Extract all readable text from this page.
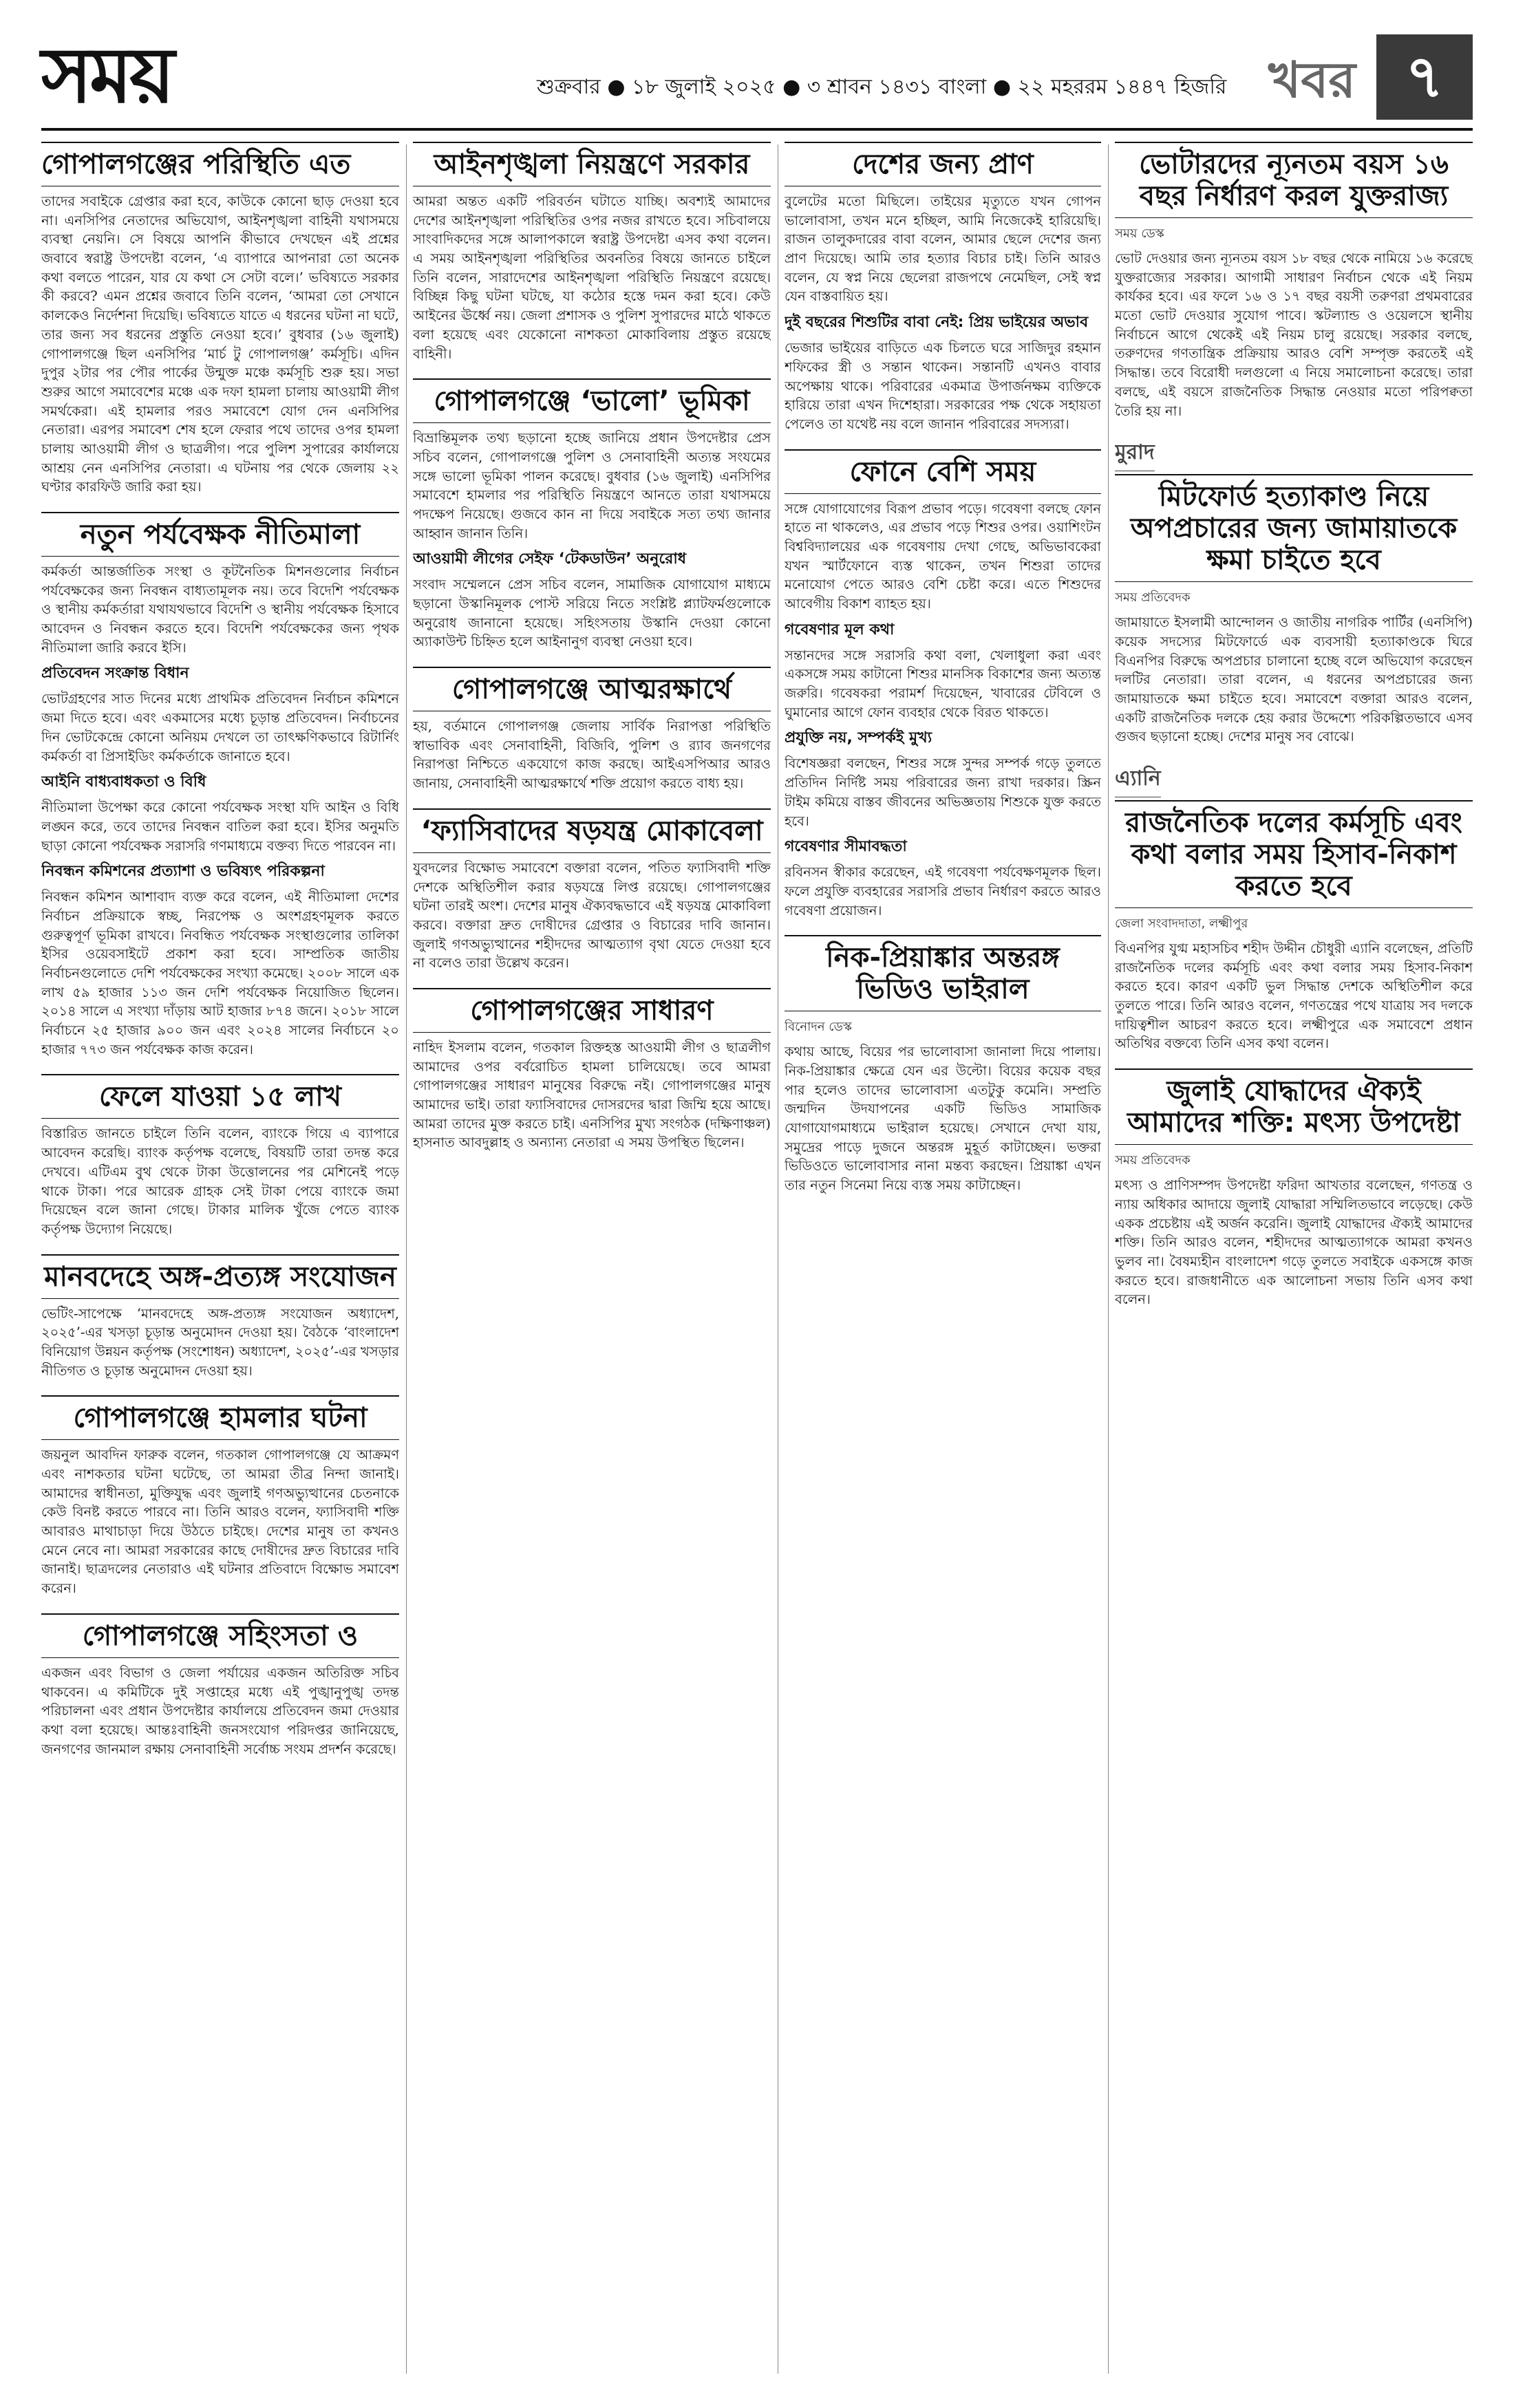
সময়	শুক্রবার ● ১৮ জুলাই ২০২৫ ● ৩ শ্রাবন ১৪৩১ বাংলা ● ২২ মহররম ১৪৪৭ হিজরি খবর ৭
গোপালগঞ্জের পরিস্থিতি এত
তাদের সবাইকে গ্রেপ্তার করা হবে, কাউকে কোনো ছাড় দেওয়া হবে না। এনসিপির নেতাদের অভিযোগ, আইনশৃঙ্খলা বাহিনী যথাসময়ে ব্যবস্থা নেয়নি। সে বিষয়ে আপনি কীভাবে দেখছেন এই প্রশ্নের জবাবে স্বরাষ্ট্র উপদেষ্টা বলেন, ‘এ ব্যাপারে আপনারা তো অনেক কথা বলতে পারেন, যার যে কথা সে সেটা বলে।’ ভবিষ্যতে সরকার কী করবে? এমন প্রশ্নের জবাবে তিনি বলেন, ‘আমরা তো সেখানে কালকেও নির্দেশনা দিয়েছি। ভবিষ্যতে যাতে এ ধরনের ঘটনা না ঘটে, তার জন্য সব ধরনের প্রস্তুতি নেওয়া হবে।’ বুধবার (১৬ জুলাই) গোপালগঞ্জে ছিল এনসিপির ‘মার্চ টু গোপালগঞ্জ’ কর্মসূচি। এদিন দুপুর ২টার পর পৌর পার্কের উন্মুক্ত মঞ্চে কর্মসূচি শুরু হয়। সভা শুরুর আগে সমাবেশের মঞ্চে এক দফা হামলা চালায় আওয়ামী লীগ সমর্থকেরা। এই হামলার পরও সমাবেশে যোগ দেন এনসিপির নেতারা। এরপর সমাবেশ শেষ হলে ফেরার পথে তাদের ওপর হামলা চালায় আওয়ামী লীগ ও ছাত্রলীগ। পরে পুলিশ সুপারের কার্যালয়ে আশ্রয় নেন এনসিপির নেতারা। এ ঘটনায় পর থেকে জেলায় ২২ ঘণ্টার কারফিউ জারি করা হয়।
নতুন পর্যবেক্ষক নীতিমালা
কর্মকর্তা আন্তর্জাতিক সংস্থা ও কূটনৈতিক মিশনগুলোর নির্বাচন পর্যবেক্ষকের জন্য নিবন্ধন বাধ্যতামূলক নয়। তবে বিদেশি পর্যবেক্ষক ও স্থানীয় কর্মকর্তারা যথাযথভাবে বিদেশি ও স্থানীয় পর্যবেক্ষক হিসাবে আবেদন ও নিবন্ধন করতে হবে। বিদেশি পর্যবেক্ষকের জন্য পৃথক নীতিমালা জারি করবে ইসি।
প্রতিবেদন সংক্রান্ত বিধান
ভোটগ্রহণের সাত দিনের মধ্যে প্রাথমিক প্রতিবেদন নির্বাচন কমিশনে জমা দিতে হবে। এবং একমাসের মধ্যে চূড়ান্ত প্রতিবেদন। নির্বাচনের দিন ভোটকেন্দ্রে কোনো অনিয়ম দেখলে তা তাৎক্ষণিকভাবে রিটার্নিং কর্মকর্তা বা প্রিসাইডিং কর্মকর্তাকে জানাতে হবে।
আইনি বাধ্যবাধকতা ও বিধি
নীতিমালা উপেক্ষা করে কোনো পর্যবেক্ষক সংস্থা যদি আইন ও বিধি লঙ্ঘন করে, তবে তাদের নিবন্ধন বাতিল করা হবে। ইসির অনুমতি ছাড়া কোনো পর্যবেক্ষক সরাসরি গণমাধ্যমে বক্তব্য দিতে পারবেন না।
নিবন্ধন কমিশনের প্রত্যাশা ও ভবিষ্যৎ পরিকল্পনা
নিবন্ধন কমিশন আশাবাদ ব্যক্ত করে বলেন, এই নীতিমালা দেশের নির্বাচন প্রক্রিয়াকে স্বচ্ছ, নিরপেক্ষ ও অংশগ্রহণমূলক করতে গুরুত্বপূর্ণ ভূমিকা রাখবে। নিবন্ধিত পর্যবেক্ষক সংস্থাগুলোর তালিকা ইসির ওয়েবসাইটে প্রকাশ করা হবে। সাম্প্রতিক জাতীয় নির্বাচনগুলোতে দেশি পর্যবেক্ষকের সংখ্যা কমেছে। ২০০৮ সালে এক লাখ ৫৯ হাজার ১১৩ জন দেশি পর্যবেক্ষক নিয়োজিত ছিলেন। ২০১৪ সালে এ সংখ্যা দাঁড়ায় আট হাজার ৮৭৪ জনে। ২০১৮ সালে নির্বাচনে ২৫ হাজার ৯০০ জন এবং ২০২৪ সালের নির্বাচনে ২০ হাজার ৭৭৩ জন পর্যবেক্ষক কাজ করেন।
ফেলে যাওয়া ১৫ লাখ
বিস্তারিত জানতে চাইলে তিনি বলেন, ব্যাংকে গিয়ে এ ব্যাপারে আবেদন করেছি। ব্যাংক কর্তৃপক্ষ বলেছে, বিষয়টি তারা তদন্ত করে দেখবে। এটিএম বুথ থেকে টাকা উত্তোলনের পর মেশিনেই পড়ে থাকে টাকা। পরে আরেক গ্রাহক সেই টাকা পেয়ে ব্যাংকে জমা দিয়েছেন বলে জানা গেছে। টাকার মালিক খুঁজে পেতে ব্যাংক কর্তৃপক্ষ উদ্যোগ নিয়েছে।
মানবদেহে অঙ্গ-প্রত্যঙ্গ সংযোজন
ভেটিং-সাপেক্ষে ‘মানবদেহে অঙ্গ-প্রত্যঙ্গ সংযোজন অধ্যাদেশ, ২০২৫’-এর খসড়া চূড়ান্ত অনুমোদন দেওয়া হয়। বৈঠকে ‘বাংলাদেশ বিনিয়োগ উন্নয়ন কর্তৃপক্ষ (সংশোধন) অধ্যাদেশ, ২০২৫’-এর খসড়ার নীতিগত ও চূড়ান্ত অনুমোদন দেওয়া হয়।
গোপালগঞ্জে হামলার ঘটনা
জয়নুল আবদিন ফারুক বলেন, গতকাল গোপালগঞ্জে যে আক্রমণ এবং নাশকতার ঘটনা ঘটেছে, তা আমরা তীব্র নিন্দা জানাই। আমাদের স্বাধীনতা, মুক্তিযুদ্ধ এবং জুলাই গণঅভ্যুত্থানের চেতনাকে কেউ বিনষ্ট করতে পারবে না। তিনি আরও বলেন, ফ্যাসিবাদী শক্তি আবারও মাথাচাড়া দিয়ে উঠতে চাইছে। দেশের মানুষ তা কখনও মেনে নেবে না। আমরা সরকারের কাছে দোষীদের দ্রুত বিচারের দাবি জানাই। ছাত্রদলের নেতারাও এই ঘটনার প্রতিবাদে বিক্ষোভ সমাবেশ করেন।
গোপালগঞ্জে সহিংসতা ও
একজন এবং বিভাগ ও জেলা পর্যায়ের একজন অতিরিক্ত সচিব থাকবেন। এ কমিটিকে দুই সপ্তাহের মধ্যে এই পুঙ্খানুপুঙ্খ তদন্ত পরিচালনা এবং প্রধান উপদেষ্টার কার্যালয়ে প্রতিবেদন জমা দেওয়ার কথা বলা হয়েছে। আন্তঃবাহিনী জনসংযোগ পরিদপ্তর জানিয়েছে, জনগণের জানমাল রক্ষায় সেনাবাহিনী সর্বোচ্চ সংযম প্রদর্শন করেছে।
আইনশৃঙ্খলা নিয়ন্ত্রণে সরকার
আমরা অন্তত একটি পরিবর্তন ঘটাতে যাচ্ছি। অবশ্যই আমাদের দেশের আইনশৃঙ্খলা পরিস্থিতির ওপর নজর রাখতে হবে। সচিবালয়ে সাংবাদিকদের সঙ্গে আলাপকালে স্বরাষ্ট্র উপদেষ্টা এসব কথা বলেন। এ সময় আইনশৃঙ্খলা পরিস্থিতির অবনতির বিষয়ে জানতে চাইলে তিনি বলেন, সারাদেশের আইনশৃঙ্খলা পরিস্থিতি নিয়ন্ত্রণে রয়েছে। বিচ্ছিন্ন কিছু ঘটনা ঘটছে, যা কঠোর হস্তে দমন করা হবে। কেউ আইনের ঊর্ধ্বে নয়। জেলা প্রশাসক ও পুলিশ সুপারদের মাঠে থাকতে বলা হয়েছে এবং যেকোনো নাশকতা মোকাবিলায় প্রস্তুত রয়েছে বাহিনী।
গোপালগঞ্জে ‘ভালো’ ভূমিকা
বিভ্রান্তিমূলক তথ্য ছড়ানো হচ্ছে জানিয়ে প্রধান উপদেষ্টার প্রেস সচিব বলেন, গোপালগঞ্জে পুলিশ ও সেনাবাহিনী অত্যন্ত সংযমের সঙ্গে ভালো ভূমিকা পালন করেছে। বুধবার (১৬ জুলাই) এনসিপির সমাবেশে হামলার পর পরিস্থিতি নিয়ন্ত্রণে আনতে তারা যথাসময়ে পদক্ষেপ নিয়েছে। গুজবে কান না দিয়ে সবাইকে সত্য তথ্য জানার আহ্বান জানান তিনি।
আওয়ামী লীগের সেইফ ‘টেকডাউন’ অনুরোধ
সংবাদ সম্মেলনে প্রেস সচিব বলেন, সামাজিক যোগাযোগ মাধ্যমে ছড়ানো উস্কানিমূলক পোস্ট সরিয়ে নিতে সংশ্লিষ্ট প্ল্যাটফর্মগুলোকে অনুরোধ জানানো হয়েছে। সহিংসতায় উস্কানি দেওয়া কোনো অ্যাকাউন্ট চিহ্নিত হলে আইনানুগ ব্যবস্থা নেওয়া হবে।
গোপালগঞ্জে আত্মরক্ষার্থে
হয়, বর্তমানে গোপালগঞ্জ জেলায় সার্বিক নিরাপত্তা পরিস্থিতি স্বাভাবিক এবং সেনাবাহিনী, বিজিবি, পুলিশ ও র‍্যাব জনগণের নিরাপত্তা নিশ্চিতে একযোগে কাজ করছে। আইএসপিআর আরও জানায়, সেনাবাহিনী আত্মরক্ষার্থে শক্তি প্রয়োগ করতে বাধ্য হয়।
‘ফ্যাসিবাদের ষড়যন্ত্র মোকাবেলা
যুবদলের বিক্ষোভ সমাবেশে বক্তারা বলেন, পতিত ফ্যাসিবাদী শক্তি দেশকে অস্থিতিশীল করার ষড়যন্ত্রে লিপ্ত রয়েছে। গোপালগঞ্জের ঘটনা তারই অংশ। দেশের মানুষ ঐক্যবদ্ধভাবে এই ষড়যন্ত্র মোকাবিলা করবে। বক্তারা দ্রুত দোষীদের গ্রেপ্তার ও বিচারের দাবি জানান। জুলাই গণঅভ্যুত্থানের শহীদদের আত্মত্যাগ বৃথা যেতে দেওয়া হবে না বলেও তারা উল্লেখ করেন।
গোপালগঞ্জের সাধারণ
নাহিদ ইসলাম বলেন, গতকাল রিক্তহস্ত আওয়ামী লীগ ও ছাত্রলীগ আমাদের ওপর বর্বরোচিত হামলা চালিয়েছে। তবে আমরা গোপালগঞ্জের সাধারণ মানুষের বিরুদ্ধে নই। গোপালগঞ্জের মানুষ আমাদের ভাই। তারা ফ্যাসিবাদের দোসরদের দ্বারা জিম্মি হয়ে আছে। আমরা তাদের মুক্ত করতে চাই। এনসিপির মুখ্য সংগঠক (দক্ষিণাঞ্চল) হাসনাত আবদুল্লাহ ও অন্যান্য নেতারা এ সময় উপস্থিত ছিলেন।
দেশের জন্য প্রাণ
বুলেটের মতো মিছিলে। তাইয়ের মৃত্যুতে যখন গোপন ভালোবাসা, তখন মনে হচ্ছিল, আমি নিজেকেই হারিয়েছি। রাজন তালুকদারের বাবা বলেন, আমার ছেলে দেশের জন্য প্রাণ দিয়েছে। আমি তার হত্যার বিচার চাই। তিনি আরও বলেন, যে স্বপ্ন নিয়ে ছেলেরা রাজপথে নেমেছিল, সেই স্বপ্ন যেন বাস্তবায়িত হয়।
দুই বছরের শিশুটির বাবা নেই: প্রিয় ভাইয়ের অভাব
ভেজার ভাইয়ের বাড়িতে এক চিলতে ঘরে সাজিদুর রহমান শফিকের স্ত্রী ও সন্তান থাকেন। সন্তানটি এখনও বাবার অপেক্ষায় থাকে। পরিবারের একমাত্র উপার্জনক্ষম ব্যক্তিকে হারিয়ে তারা এখন দিশেহারা। সরকারের পক্ষ থেকে সহায়তা পেলেও তা যথেষ্ট নয় বলে জানান পরিবারের সদস্যরা।
ফোনে বেশি সময়
সঙ্গে যোগাযোগের বিরূপ প্রভাব পড়ে। গবেষণা বলছে ফোন হাতে না থাকলেও, এর প্রভাব পড়ে শিশুর ওপর। ওয়াশিংটন বিশ্ববিদ্যালয়ের এক গবেষণায় দেখা গেছে, অভিভাবকেরা যখন স্মার্টফোনে ব্যস্ত থাকেন, তখন শিশুরা তাদের মনোযোগ পেতে আরও বেশি চেষ্টা করে। এতে শিশুদের আবেগীয় বিকাশ ব্যাহত হয়।
গবেষণার মূল কথা
সন্তানদের সঙ্গে সরাসরি কথা বলা, খেলাধুলা করা এবং একসঙ্গে সময় কাটানো শিশুর মানসিক বিকাশের জন্য অত্যন্ত জরুরি। গবেষকরা পরামর্শ দিয়েছেন, খাবারের টেবিলে ও ঘুমানোর আগে ফোন ব্যবহার থেকে বিরত থাকতে।
প্রযুক্তি নয়, সম্পর্কই মুখ্য
বিশেষজ্ঞরা বলছেন, শিশুর সঙ্গে সুন্দর সম্পর্ক গড়ে তুলতে প্রতিদিন নির্দিষ্ট সময় পরিবারের জন্য রাখা দরকার। স্ক্রিন টাইম কমিয়ে বাস্তব জীবনের অভিজ্ঞতায় শিশুকে যুক্ত করতে হবে।
গবেষণার সীমাবদ্ধতা
রবিনসন স্বীকার করেছেন, এই গবেষণা পর্যবেক্ষণমূলক ছিল। ফলে প্রযুক্তি ব্যবহারের সরাসরি প্রভাব নির্ধারণ করতে আরও গবেষণা প্রয়োজন।
নিক-প্রিয়াঙ্কার অন্তরঙ্গ ভিডিও ভাইরাল
বিনোদন ডেস্ক
কথায় আছে, বিয়ের পর ভালোবাসা জানালা দিয়ে পালায়। নিক-প্রিয়াঙ্কার ক্ষেত্রে যেন এর উল্টো। বিয়ের কয়েক বছর পার হলেও তাদের ভালোবাসা এতটুকু কমেনি। সম্প্রতি জন্মদিন উদযাপনের একটি ভিডিও সামাজিক যোগাযোগমাধ্যমে ভাইরাল হয়েছে। সেখানে দেখা যায়, সমুদ্রের পাড়ে দুজনে অন্তরঙ্গ মুহূর্ত কাটাচ্ছেন। ভক্তরা ভিডিওতে ভালোবাসার নানা মন্তব্য করছেন। প্রিয়াঙ্কা এখন তার নতুন সিনেমা নিয়ে ব্যস্ত সময় কাটাচ্ছেন।
ভোটারদের ন্যূনতম বয়স ১৬ বছর নির্ধারণ করল যুক্তরাজ্য
সময় ডেস্ক
ভোট দেওয়ার জন্য ন্যূনতম বয়স ১৮ বছর থেকে নামিয়ে ১৬ করেছে যুক্তরাজ্যের সরকার। আগামী সাধারণ নির্বাচন থেকে এই নিয়ম কার্যকর হবে। এর ফলে ১৬ ও ১৭ বছর বয়সী তরুণরা প্রথমবারের মতো ভোট দেওয়ার সুযোগ পাবে। স্কটল্যান্ড ও ওয়েলসে স্থানীয় নির্বাচনে আগে থেকেই এই নিয়ম চালু রয়েছে। সরকার বলছে, তরুণদের গণতান্ত্রিক প্রক্রিয়ায় আরও বেশি সম্পৃক্ত করতেই এই সিদ্ধান্ত। তবে বিরোধী দলগুলো এ নিয়ে সমালোচনা করেছে। তারা বলছে, এই বয়সে রাজনৈতিক সিদ্ধান্ত নেওয়ার মতো পরিপক্বতা তৈরি হয় না।
মুরাদ
মিটফোর্ড হত্যাকাণ্ড নিয়ে অপপ্রচারের জন্য জামায়াতকে ক্ষমা চাইতে হবে
সময় প্রতিবেদক
জামায়াতে ইসলামী আন্দোলন ও জাতীয় নাগরিক পার্টির (এনসিপি) কয়েক সদস্যের মিটফোর্ডে এক ব্যবসায়ী হত্যাকাণ্ডকে ঘিরে বিএনপির বিরুদ্ধে অপপ্রচার চালানো হচ্ছে বলে অভিযোগ করেছেন দলটির নেতারা। তারা বলেন, এ ধরনের অপপ্রচারের জন্য জামায়াতকে ক্ষমা চাইতে হবে। সমাবেশে বক্তারা আরও বলেন, একটি রাজনৈতিক দলকে হেয় করার উদ্দেশ্যে পরিকল্পিতভাবে এসব গুজব ছড়ানো হচ্ছে। দেশের মানুষ সব বোঝে।
এ্যানি
রাজনৈতিক দলের কর্মসূচি এবং কথা বলার সময় হিসাব-নিকাশ করতে হবে
জেলা সংবাদদাতা, লক্ষ্মীপুর
বিএনপির যুগ্ম মহাসচিব শহীদ উদ্দীন চৌধুরী এ্যানি বলেছেন, প্রতিটি রাজনৈতিক দলের কর্মসূচি এবং কথা বলার সময় হিসাব-নিকাশ করতে হবে। কারণ একটি ভুল সিদ্ধান্ত দেশকে অস্থিতিশীল করে তুলতে পারে। তিনি আরও বলেন, গণতন্ত্রের পথে যাত্রায় সব দলকে দায়িত্বশীল আচরণ করতে হবে। লক্ষ্মীপুরে এক সমাবেশে প্রধান অতিথির বক্তব্যে তিনি এসব কথা বলেন।
জুলাই যোদ্ধাদের ঐক্যই আমাদের শক্তি: মৎস্য উপদেষ্টা
সময় প্রতিবেদক
মৎস্য ও প্রাণিসম্পদ উপদেষ্টা ফরিদা আখতার বলেছেন, গণতন্ত্র ও ন্যায় অধিকার আদায়ে জুলাই যোদ্ধারা সম্মিলিতভাবে লড়েছে। কেউ একক প্রচেষ্টায় এই অর্জন করেনি। জুলাই যোদ্ধাদের ঐক্যই আমাদের শক্তি। তিনি আরও বলেন, শহীদদের আত্মত্যাগকে আমরা কখনও ভুলব না। বৈষম্যহীন বাংলাদেশ গড়ে তুলতে সবাইকে একসঙ্গে কাজ করতে হবে। রাজধানীতে এক আলোচনা সভায় তিনি এসব কথা বলেন।
